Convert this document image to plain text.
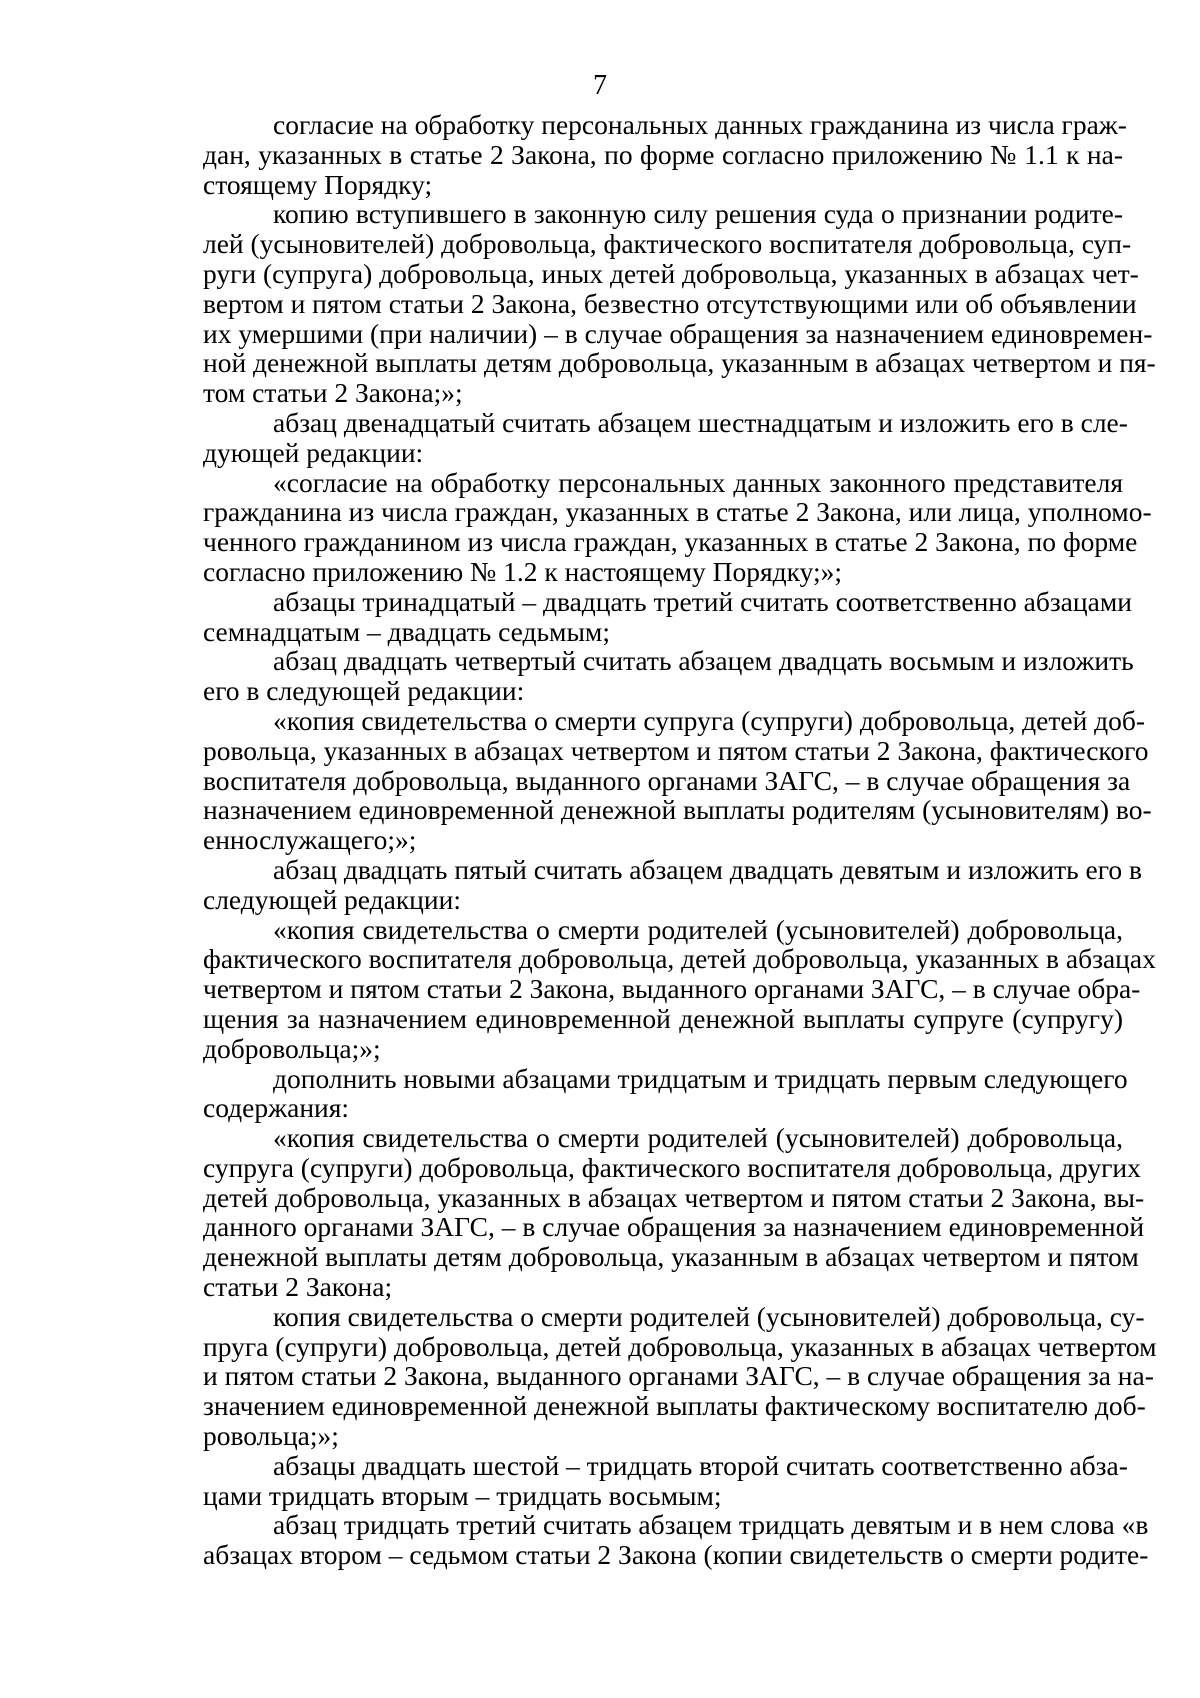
7
согласие на обработку персональных данных гражданина из числа граж-
дан, указанных в статье 2 Закона, по форме согласно приложению № 1.1 к на-
стоящему Порядку;
копию вступившего в законную силу решения суда о признании родите-
лей (усыновителей) добровольца, фактического воспитателя добровольца, суп-
руги (супруга) добровольца, иных детей добровольца, указанных в абзацах чет-
вертом и пятом статьи 2 Закона, безвестно отсутствующими или об объявлении
их умершими (при наличии) – в случае обращения за назначением единовремен-
ной денежной выплаты детям добровольца, указанным в абзацах четвертом и пя-
том статьи 2 Закона;»;
абзац двенадцатый считать абзацем шестнадцатым и изложить его в сле-
дующей редакции:
«согласие на обработку персональных данных законного представителя
гражданина из числа граждан, указанных в статье 2 Закона, или лица, уполномо-
ченного гражданином из числа граждан, указанных в статье 2 Закона, по форме
согласно приложению № 1.2 к настоящему Порядку;»;
абзацы тринадцатый – двадцать третий считать соответственно абзацами
семнадцатым – двадцать седьмым;
абзац двадцать четвертый считать абзацем двадцать восьмым и изложить
его в следующей редакции:
«копия свидетельства о смерти супруга (супруги) добровольца, детей доб-
ровольца, указанных в абзацах четвертом и пятом статьи 2 Закона, фактического
воспитателя добровольца, выданного органами ЗАГС, – в случае обращения за
назначением единовременной денежной выплаты родителям (усыновителям) во-
еннослужащего;»;
абзац двадцать пятый считать абзацем двадцать девятым и изложить его в
следующей редакции:
«копия свидетельства о смерти родителей (усыновителей) добровольца,
фактического воспитателя добровольца, детей добровольца, указанных в абзацах
четвертом и пятом статьи 2 Закона, выданного органами ЗАГС, – в случае обра-
щения за назначением единовременной денежной выплаты супруге (супругу)
добровольца;»;
дополнить новыми абзацами тридцатым и тридцать первым следующего
содержания:
«копия свидетельства о смерти родителей (усыновителей) добровольца,
супруга (супруги) добровольца, фактического воспитателя добровольца, других
детей добровольца, указанных в абзацах четвертом и пятом статьи 2 Закона, вы-
данного органами ЗАГС, – в случае обращения за назначением единовременной
денежной выплаты детям добровольца, указанным в абзацах четвертом и пятом
статьи 2 Закона;
копия свидетельства о смерти родителей (усыновителей) добровольца, су-
пруга (супруги) добровольца, детей добровольца, указанных в абзацах четвертом
и пятом статьи 2 Закона, выданного органами ЗАГС, – в случае обращения за на-
значением единовременной денежной выплаты фактическому воспитателю доб-
ровольца;»;
абзацы двадцать шестой – тридцать второй считать соответственно абза-
цами тридцать вторым – тридцать восьмым;
абзац тридцать третий считать абзацем тридцать девятым и в нем слова «в
абзацах втором – седьмом статьи 2 Закона (копии свидетельств о смерти родите-
